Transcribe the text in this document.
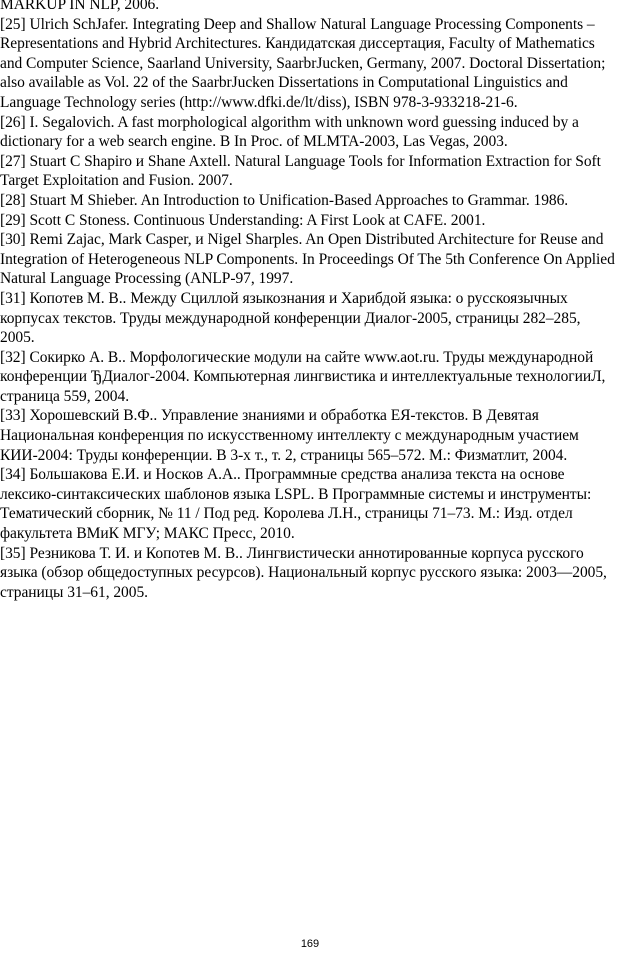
MARKUP IN NLP, 2006.

[25] Ulrich SchJafer. Integrating Deep and Shallow Natural Language Processing Components – Representations and Hybrid Architectures. Кандидатская диссертация, Faculty of Mathematics and Computer Science, Saarland University, SaarbrJucken, Germany, 2007. Doctoral Dissertation; also available as Vol. 22 of the SaarbrJucken Dissertations in Computational Linguistics and Language Technology series (http://www.dfki.de/lt/diss), ISBN 978-3-933218-21-6.

[26] I. Segalovich. A fast morphological algorithm with unknown word guessing induced by a dictionary for a web search engine. В In Proc. of MLMTA-2003, Las Vegas, 2003.

[27] Stuart C Shapiro и Shane Axtell. Natural Language Tools for Information Extraction for Soft Target Exploitation and Fusion. 2007.

[28] Stuart M Shieber. An Introduction to Unification-Based Approaches to Grammar. 1986.

[29] Scott C Stoness. Continuous Understanding: A First Look at CAFE. 2001.

[30] Remi Zajac, Mark Casper, и Nigel Sharples. An Open Distributed Architecture for Reuse and Integration of Heterogeneous NLP Components. In Proceedings Of The 5th Conference On Applied Natural Language Processing (ANLP-97, 1997.

[31] Копотев М. В.. Между Сциллой языкознания и Харибдой языка: о русскоязычных корпусах текстов. Труды международной конференции Диалог-2005, страницы 282–285, 2005.

[32] Сокирко А. В.. Морфологические модули на сайте www.aot.ru. Труды международной конференции ЂДиалог-2004. Компьютерная лингвистика и интеллектуальные технологииЛ, страница 559, 2004.

[33] Хорошевский В.Ф.. Управление знаниями и обработка ЕЯ-текстов. В Девятая Национальная конференция по искусственному интеллекту с международным участием КИИ-2004: Труды конференции. В 3-х т., т. 2, страницы 565–572. М.: Физматлит, 2004.

[34] Большакова Е.И. и Носков А.А.. Программные средства анализа текста на основе лексико-синтаксических шаблонов языка LSPL. В Программные системы и инструменты: Тематический сборник, № 11 / Под ред. Королева Л.Н., страницы 71–73. М.: Изд. отдел факультета ВМиК МГУ; МАКС Пресс, 2010.

[35] Резникова Т. И. и Копотев М. В.. Лингвистически аннотированные корпуса русского языка (обзор общедоступных ресурсов). Национальный корпус русского языка: 2003—2005, страницы 31–61, 2005.

169
